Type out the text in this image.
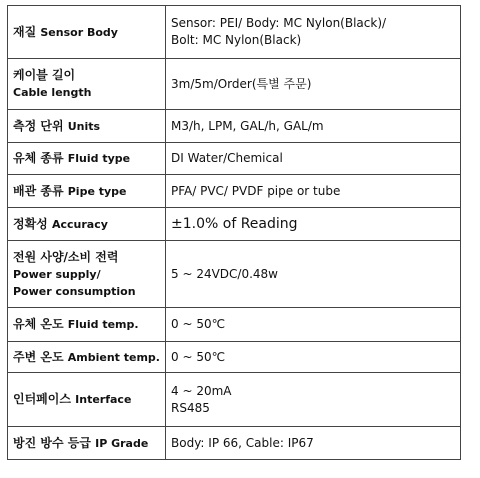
재질 Sensor Body	Sensor: PEI/ Body: MC Nylon(Black)/
Bolt: MC Nylon(Black)

케이블 길이
Cable length	3m/5m/Order(특별 주문)

측정 단위 Units	M3/h, LPM, GAL/h, GAL/m

유체 종류 Fluid type	DI Water/Chemical

배관 종류 Pipe type	PFA/ PVC/ PVDF pipe or tube

정확성 Accuracy	±1.0% of Reading

전원 사양/소비 전력
Power supply/
Power consumption	5 ~ 24VDC/0.48w

유체 온도 Fluid temp.	0 ~ 50℃

주변 온도 Ambient temp.	0 ~ 50℃

인터페이스 Interface	4 ~ 20mA
RS485

방진 방수 등급 IP Grade	Body: IP 66, Cable: IP67
